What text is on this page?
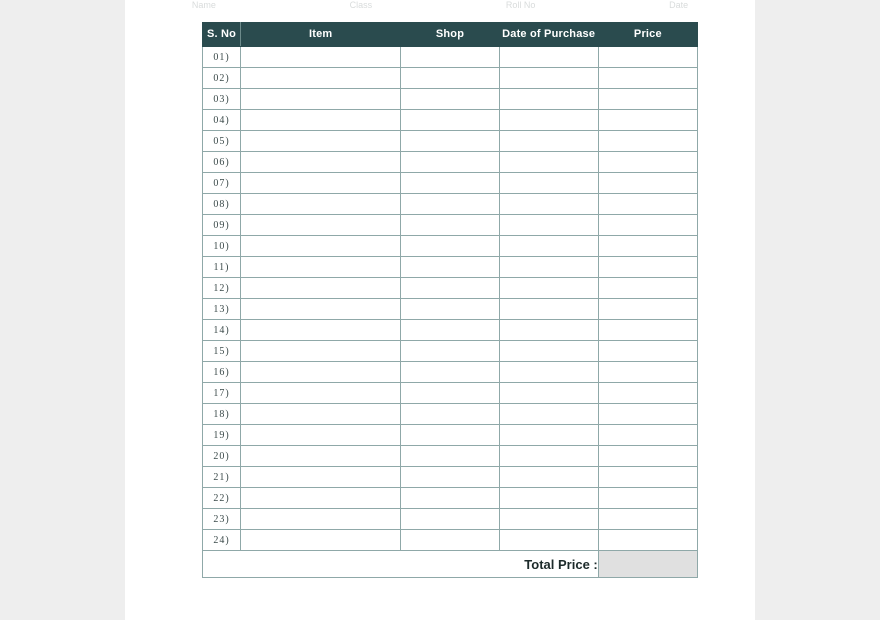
Name	Class	Roll No	Date
S. No	Item	Shop	Date of Purchase	Price
01)				
02)				
03)				
04)				
05)				
06)				
07)				
08)				
09)				
10)				
11)				
12)				
13)				
14)				
15)				
16)				
17)				
18)				
19)				
20)				
21)				
22)				
23)				
24)				
Total Price :				
